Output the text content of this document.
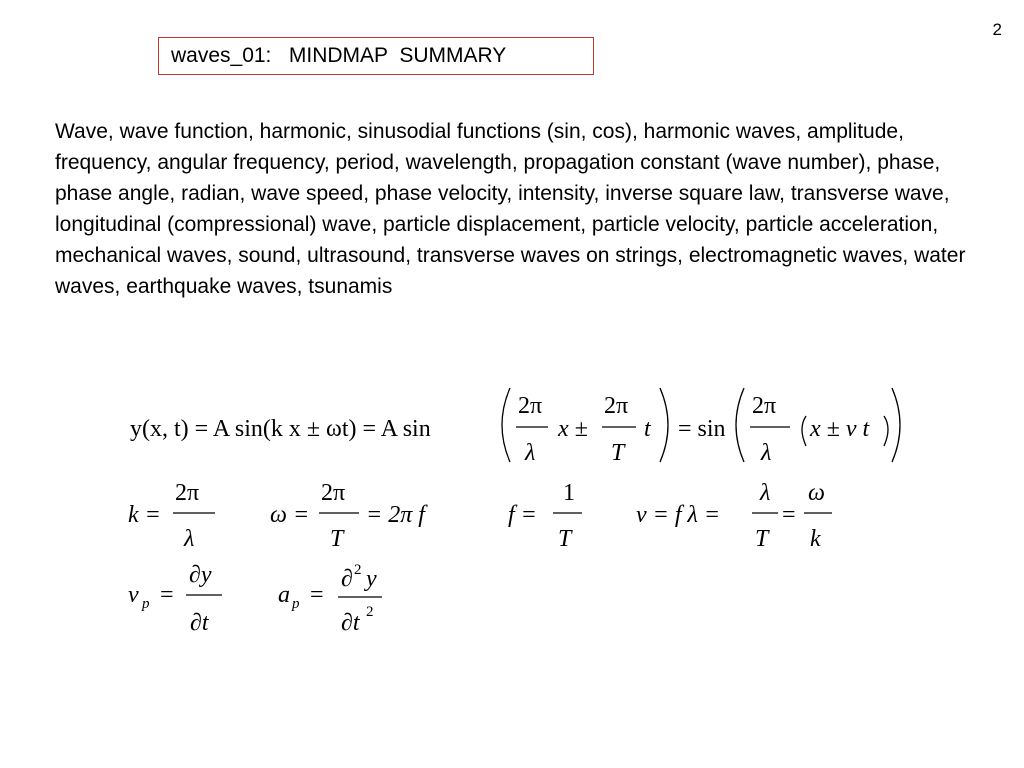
2
waves_01:   MINDMAP  SUMMARY
Wave, wave function, harmonic, sinusodial functions (sin, cos), harmonic waves, amplitude, frequency, angular frequency, period, wavelength, propagation constant (wave number), phase, phase angle, radian, wave speed, phase velocity, intensity, inverse square law, transverse wave, longitudinal (compressional) wave, particle displacement, particle velocity, particle acceleration, mechanical waves, sound, ultrasound, transverse waves on strings, electromagnetic waves, water waves, earthquake waves, tsunamis
y(x, t) = A sin(k x ± ωt) = A sin
2π
λ
x ±
2π
T
t = sin
2π
λ
x ± v t
k =
2π
λ
ω =
2π
T
= 2π f	f =
1
T
v = f λ =
λ
T
=
ω
k
v p =
∂y
∂t
a p =
∂ 2 y
∂t 2
